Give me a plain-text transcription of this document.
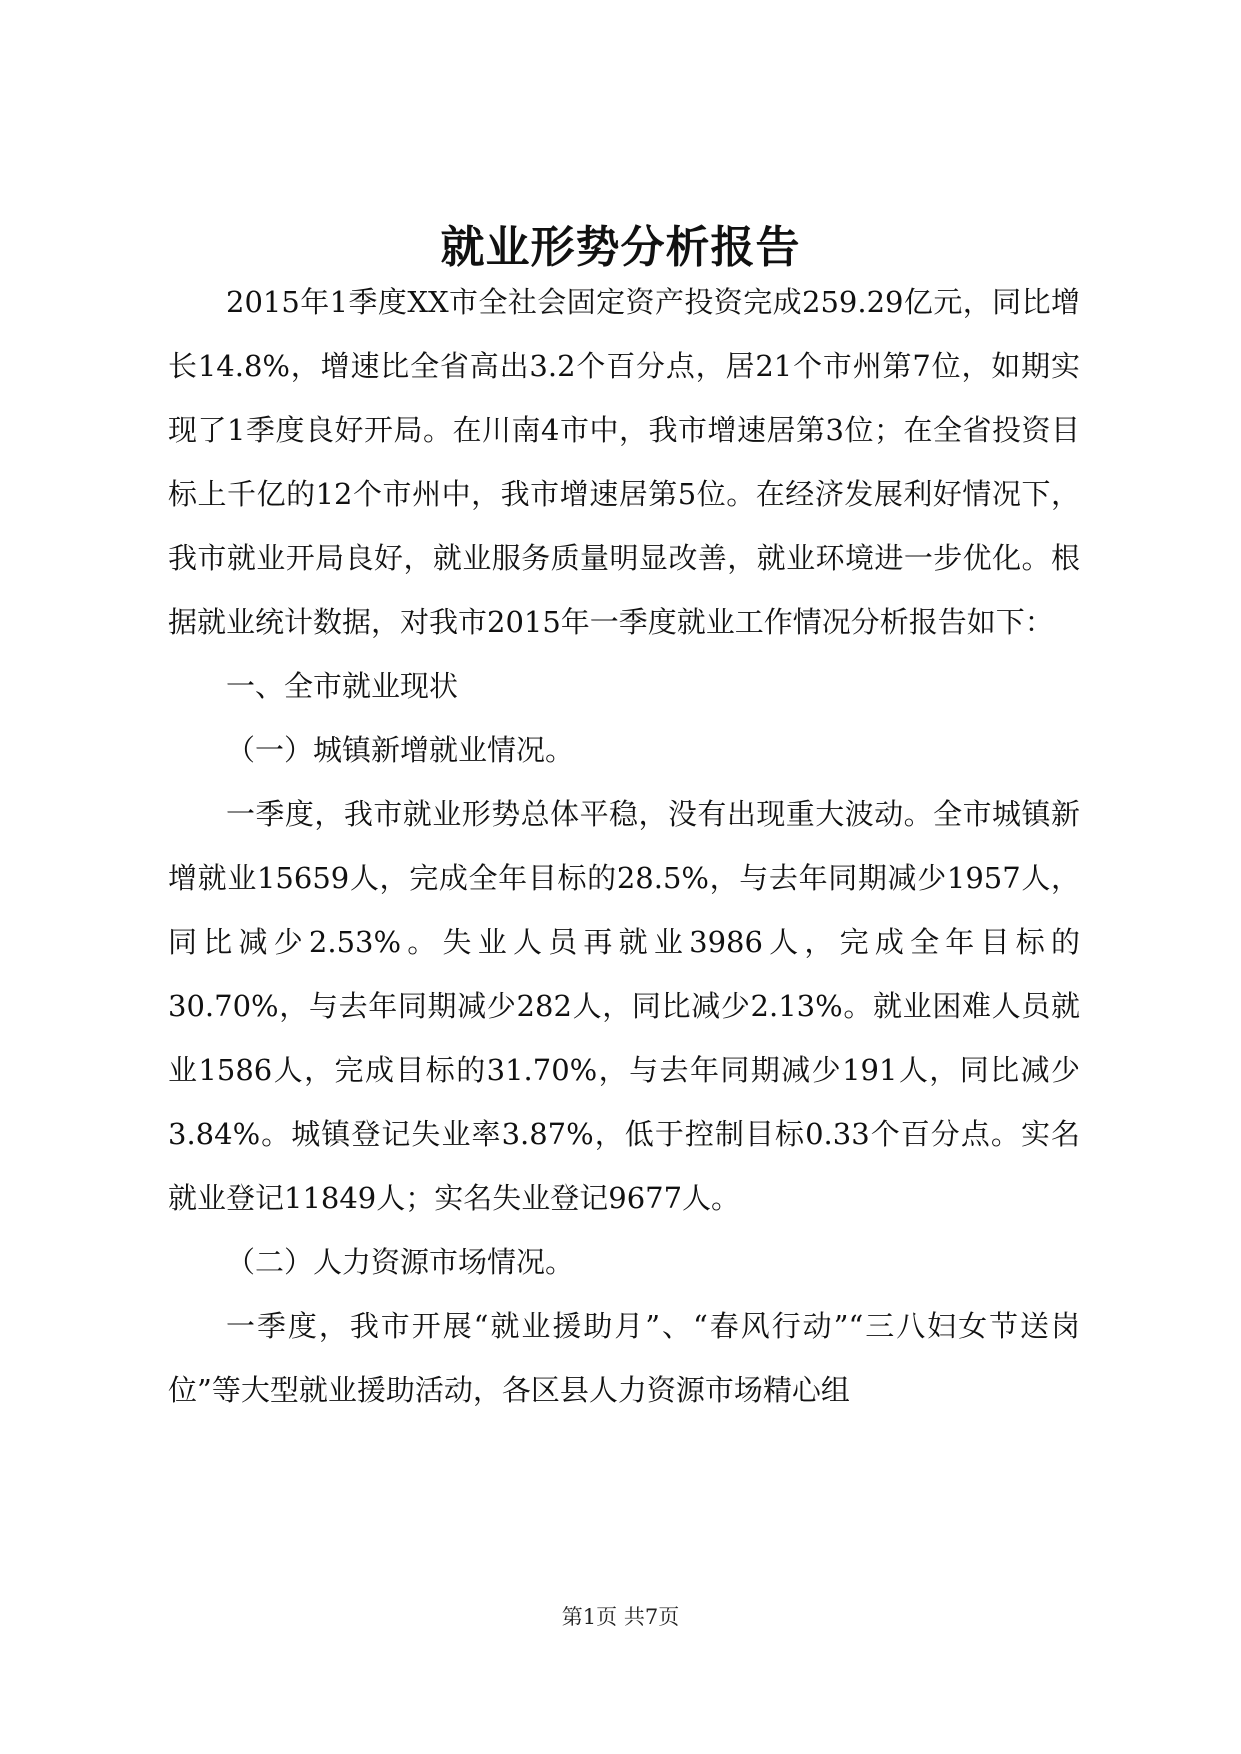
就业形势分析报告

2015年1季度XX市全社会固定资产投资完成259.29亿元，同比增长14.8%，增速比全省高出3.2个百分点，居21个市州第7位，如期实现了1季度良好开局。在川南4市中，我市增速居第3位；在全省投资目标上千亿的12个市州中，我市增速居第5位。在经济发展利好情况下，我市就业开局良好，就业服务质量明显改善，就业环境进一步优化。根据就业统计数据，对我市2015年一季度就业工作情况分析报告如下：

一、全市就业现状

（一）城镇新增就业情况。

一季度，我市就业形势总体平稳，没有出现重大波动。全市城镇新增就业15659人，完成全年目标的28.5%，与去年同期减少1957人，同比减少2.53%。失业人员再就业3986人，完成全年目标的30.70%，与去年同期减少282人，同比减少2.13%。就业困难人员就业1586人，完成目标的31.70%，与去年同期减少191人，同比减少3.84%。城镇登记失业率3.87%，低于控制目标0.33个百分点。实名就业登记11849人；实名失业登记9677人。

（二）人力资源市场情况。

一季度，我市开展“就业援助月”、“春风行动”“三八妇女节送岗位”等大型就业援助活动，各区县人力资源市场精心组

第1页 共7页
